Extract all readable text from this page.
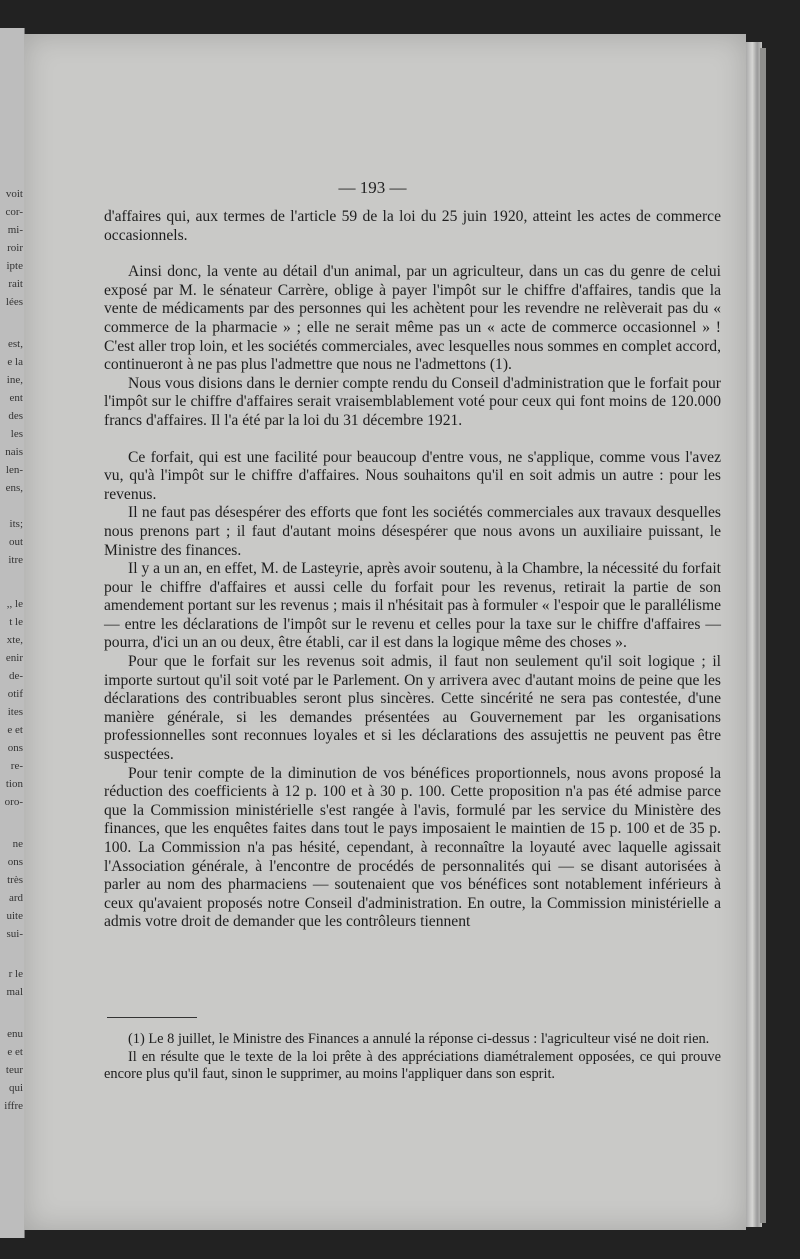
voit
cor-
mi-
roir
ipte
rait
lées
est,
e la
ine,
ent
des
les
nais
len-
ens,
its;
out
itre
,, le
t le
xte,
enir
de-
otif
ites
e et
ons
re-
tion
oro-
ne
ons
très
ard
uite
sui-
r le
mal
enu
e et
teur
qui
iffre
— 193 —

d'affaires qui, aux termes de l'article 59 de la loi du 25 juin 1920, atteint les actes de commerce occasionnels.

Ainsi donc, la vente au détail d'un animal, par un agriculteur, dans un cas du genre de celui exposé par M. le sénateur Carrère, oblige à payer l'impôt sur le chiffre d'affaires, tandis que la vente de médicaments par des personnes qui les achètent pour les revendre ne relèverait pas du « commerce de la pharmacie » ; elle ne serait même pas un « acte de commerce occasionnel » ! C'est aller trop loin, et les sociétés commerciales, avec lesquelles nous sommes en complet accord, continueront à ne pas plus l'admettre que nous ne l'admettons (1).

Nous vous disions dans le dernier compte rendu du Conseil d'administration que le forfait pour l'impôt sur le chiffre d'affaires serait vraisemblablement voté pour ceux qui font moins de 120.000 francs d'affaires. Il l'a été par la loi du 31 décembre 1921.

Ce forfait, qui est une facilité pour beaucoup d'entre vous, ne s'applique, comme vous l'avez vu, qu'à l'impôt sur le chiffre d'affaires. Nous souhaitons qu'il en soit admis un autre : pour les revenus.

Il ne faut pas désespérer des efforts que font les sociétés commerciales aux travaux desquelles nous prenons part ; il faut d'autant moins désespérer que nous avons un auxiliaire puissant, le Ministre des finances.

Il y a un an, en effet, M. de Lasteyrie, après avoir soutenu, à la Chambre, la nécessité du forfait pour le chiffre d'affaires et aussi celle du forfait pour les revenus, retirait la partie de son amendement portant sur les revenus ; mais il n'hésitait pas à formuler « l'espoir que le parallélisme — entre les déclarations de l'impôt sur le revenu et celles pour la taxe sur le chiffre d'affaires — pourra, d'ici un an ou deux, être établi, car il est dans la logique même des choses ».

Pour que le forfait sur les revenus soit admis, il faut non seulement qu'il soit logique ; il importe surtout qu'il soit voté par le Parlement. On y arrivera avec d'autant moins de peine que les déclarations des contribuables seront plus sincères. Cette sincérité ne sera pas contestée, d'une manière générale, si les demandes présentées au Gouvernement par les organisations professionnelles sont reconnues loyales et si les déclarations des assujettis ne peuvent pas être suspectées.

Pour tenir compte de la diminution de vos bénéfices proportionnels, nous avons proposé la réduction des coefficients à 12 p. 100 et à 30 p. 100. Cette proposition n'a pas été admise parce que la Commission ministérielle s'est rangée à l'avis, formulé par les service du Ministère des finances, que les enquêtes faites dans tout le pays imposaient le maintien de 15 p. 100 et de 35 p. 100. La Commission n'a pas hésité, cependant, à reconnaître la loyauté avec laquelle agissait l'Association générale, à l'encontre de procédés de personnalités qui — se disant autorisées à parler au nom des pharmaciens — soutenaient que vos bénéfices sont notablement inférieurs à ceux qu'avaient proposés notre Conseil d'administration. En outre, la Commission ministérielle a admis votre droit de demander que les contrôleurs tiennent

(1) Le 8 juillet, le Ministre des Finances a annulé la réponse ci-dessus : l'agriculteur visé ne doit rien.

Il en résulte que le texte de la loi prête à des appréciations diamétralement opposées, ce qui prouve encore plus qu'il faut, sinon le supprimer, au moins l'appliquer dans son esprit.
